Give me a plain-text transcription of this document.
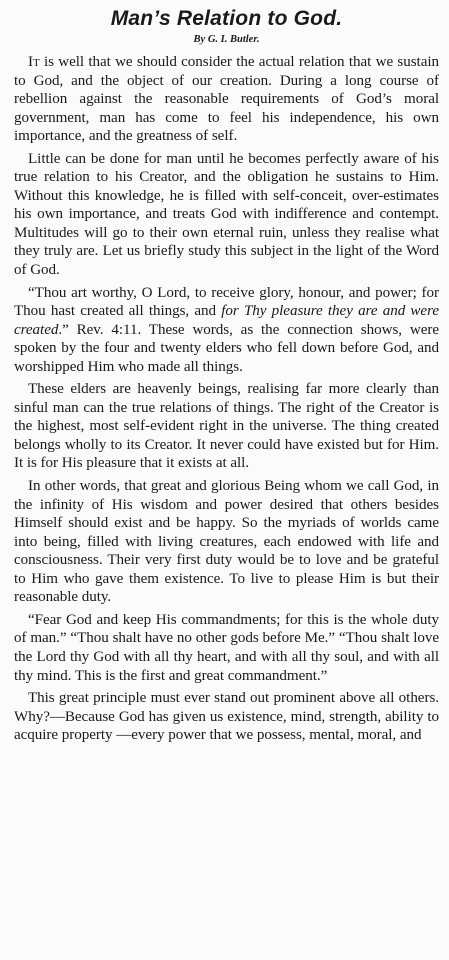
Man’s Relation to God.
By G. I. Butler.

It is well that we should consider the actual relation that we sustain to God, and the object of our creation. During a long course of rebellion against the reasonable requirements of God’s moral government, man has come to feel his independence, his own importance, and the greatness of self.

Little can be done for man until he becomes perfectly aware of his true relation to his Creator, and the obligation he sustains to Him. Without this knowledge, he is filled with self-conceit, over-estimates his own importance, and treats God with indifference and contempt. Multitudes will go to their own eternal ruin, unless they realise what they truly are. Let us briefly study this subject in the light of the Word of God.

“Thou art worthy, O Lord, to receive glory, honour, and power; for Thou hast created all things, and for Thy pleasure they are and were created.” Rev. 4:11. These words, as the connection shows, were spoken by the four and twenty elders who fell down before God, and worshipped Him who made all things.

These elders are heavenly beings, realising far more clearly than sinful man can the true relations of things. The right of the Creator is the highest, most self-evident right in the universe. The thing created belongs wholly to its Creator. It never could have existed but for Him. It is for His pleasure that it exists at all.

In other words, that great and glorious Being whom we call God, in the infinity of His wisdom and power desired that others besides Himself should exist and be happy. So the myriads of worlds came into being, filled with living creatures, each endowed with life and consciousness. Their very first duty would be to love and be grateful to Him who gave them existence. To live to please Him is but their reasonable duty.

“Fear God and keep His commandments; for this is the whole duty of man.” “Thou shalt have no other gods before Me.” “Thou shalt love the Lord thy God with all thy heart, and with all thy soul, and with all thy mind. This is the first and great commandment.”

This great principle must ever stand out prominent above all others. Why?—Because God has given us existence, mind, strength, ability to acquire property —every power that we possess, mental, moral, and
